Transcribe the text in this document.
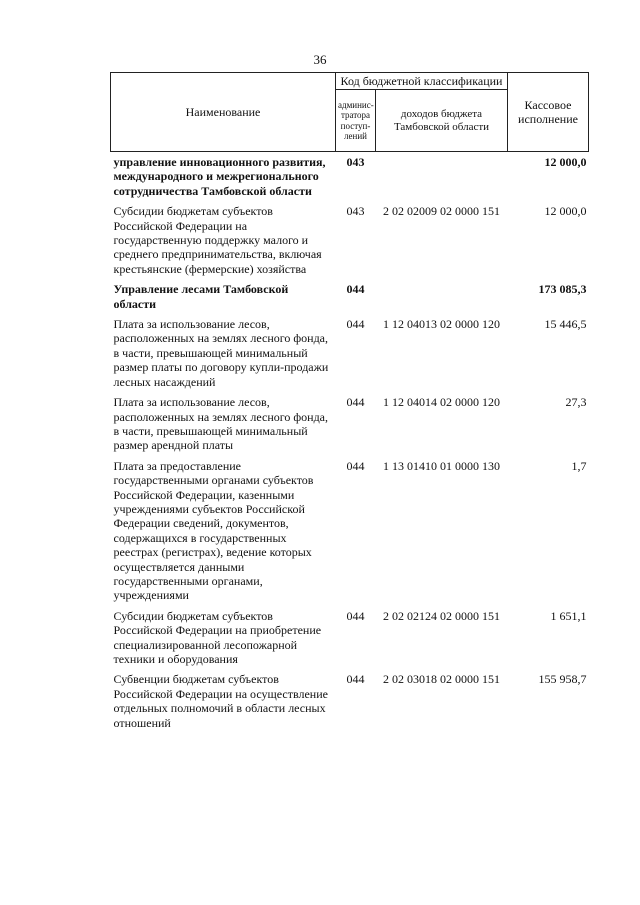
36
Наименование	Код бюджетной классификации		Кассовое исполнение
	админис-тратора поступ-лений	доходов бюджета Тамбовской области	
управление инновационного развития, международного и межрегионального сотрудничества Тамбовской области	043		12 000,0
Субсидии бюджетам субъектов Российской Федерации на государственную поддержку малого и среднего предпринимательства, включая крестьянские (фермерские) хозяйства	043	2 02 02009 02 0000 151	12 000,0
Управление лесами Тамбовской области	044		173 085,3
Плата за использование лесов, расположенных на землях лесного фонда, в части, превышающей минимальный размер платы по договору купли-продажи лесных насаждений	044	1 12 04013 02 0000 120	15 446,5
Плата за использование лесов, расположенных на землях лесного фонда, в части, превышающей минимальный размер арендной платы	044	1 12 04014 02 0000 120	27,3
Плата за предоставление государственными органами субъектов Российской Федерации, казенными учреждениями субъектов Российской Федерации сведений, документов, содержащихся в государственных реестрах (регистрах), ведение которых осуществляется данными государственными органами, учреждениями	044	1 13 01410 01 0000 130	1,7
Субсидии бюджетам субъектов Российской Федерации на приобретение специализированной лесопожарной техники и оборудования	044	2 02 02124 02 0000 151	1 651,1
Субвенции бюджетам субъектов Российской Федерации на осуществление отдельных полномочий в области лесных отношений	044	2 02 03018 02 0000 151	155 958,7
